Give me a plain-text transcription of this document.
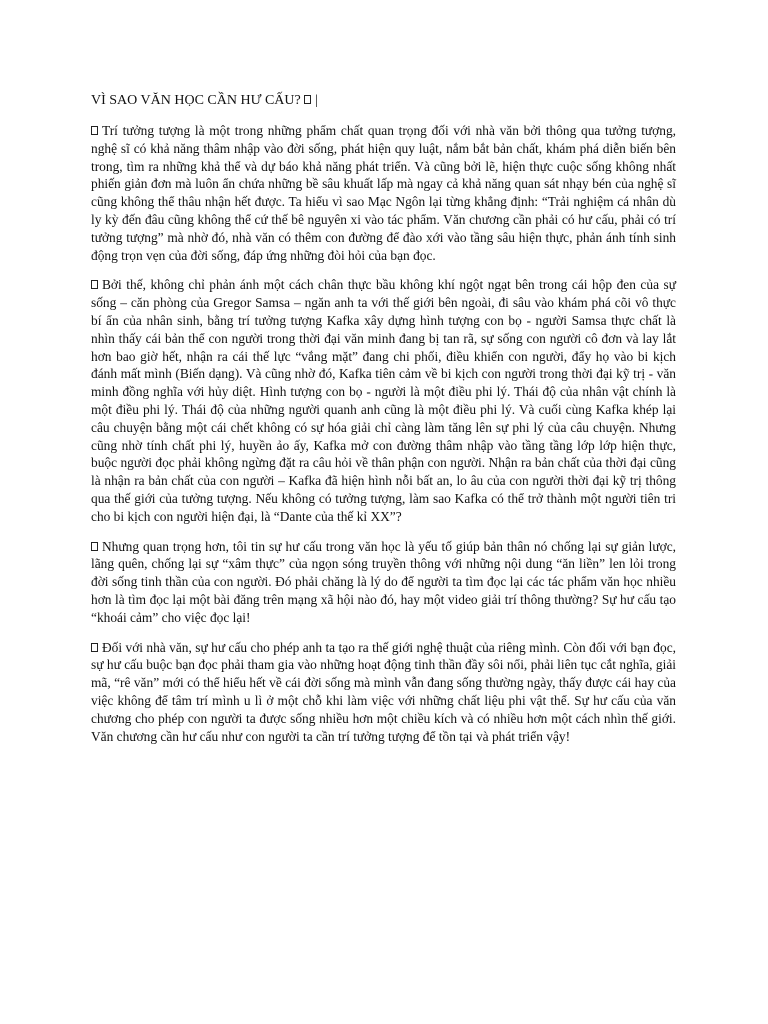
VÌ SAO VĂN HỌC CẦN HƯ CẤU? |

Trí tưởng tượng là một trong những phẩm chất quan trọng đối với nhà văn bởi thông qua tưởng tượng, nghệ sĩ có khả năng thâm nhập vào đời sống, phát hiện quy luật, nắm bắt bản chất, khám phá diễn biến bên trong, tìm ra những khả thể và dự báo khả năng phát triển. Và cũng bởi lẽ, hiện thực cuộc sống không nhất phiến giản đơn mà luôn ẩn chứa những bề sâu khuất lấp mà ngay cả khả năng quan sát nhạy bén của nghệ sĩ cũng không thể thâu nhận hết được. Ta hiểu vì sao Mạc Ngôn lại từng khẳng định: “Trải nghiệm cá nhân dù ly kỳ đến đâu cũng không thể cứ thế bê nguyên xi vào tác phẩm. Văn chương cần phải có hư cấu, phải có trí tưởng tượng” mà nhờ đó, nhà văn có thêm con đường để đào xới vào tầng sâu hiện thực, phản ánh tính sinh động trọn vẹn của đời sống, đáp ứng những đòi hỏi của bạn đọc.

Bởi thế, không chỉ phản ánh một cách chân thực bầu không khí ngột ngạt bên trong cái hộp đen của sự sống – căn phòng của Gregor Samsa – ngăn anh ta với thế giới bên ngoài, đi sâu vào khám phá cõi vô thực bí ẩn của nhân sinh, bằng trí tưởng tượng Kafka xây dựng hình tượng con bọ - người Samsa thực chất là nhìn thấy cái bản thể con người trong thời đại văn minh đang bị tan rã, sự sống con người cô đơn và lay lắt hơn bao giờ hết, nhận ra cái thế lực “vắng mặt” đang chi phối, điều khiển con người, đẩy họ vào bi kịch đánh mất mình (Biến dạng). Và cũng nhờ đó, Kafka tiên cảm về bi kịch con người trong thời đại kỹ trị - văn minh đồng nghĩa với hủy diệt. Hình tượng con bọ - người là một điều phi lý. Thái độ của nhân vật chính là một điều phi lý. Thái độ của những người quanh anh cũng là một điều phi lý. Và cuối cùng Kafka khép lại câu chuyện bằng một cái chết không có sự hóa giải chỉ càng làm tăng lên sự phi lý của câu chuyện. Nhưng cũng nhờ tính chất phi lý, huyền ảo ấy, Kafka mở con đường thâm nhập vào tầng tầng lớp lớp hiện thực, buộc người đọc phải không ngừng đặt ra câu hỏi về thân phận con người. Nhận ra bản chất của thời đại cũng là nhận ra bản chất của con người – Kafka đã hiện hình nỗi bất an, lo âu của con người thời đại kỹ trị thông qua thế giới của tưởng tượng. Nếu không có tưởng tượng, làm sao Kafka có thể trở thành một người tiên tri cho bi kịch con người hiện đại, là “Dante của thế kỉ XX”?

Nhưng quan trọng hơn, tôi tin sự hư cấu trong văn học là yếu tố giúp bản thân nó chống lại sự giản lược, lãng quên, chống lại sự “xâm thực” của ngọn sóng truyền thông với những nội dung “ăn liền” len lỏi trong đời sống tinh thần của con người. Đó phải chăng là lý do để người ta tìm đọc lại các tác phẩm văn học nhiều hơn là tìm đọc lại một bài đăng trên mạng xã hội nào đó, hay một video giải trí thông thường? Sự hư cấu tạo “khoái cảm” cho việc đọc lại!

Đối với nhà văn, sự hư cấu cho phép anh ta tạo ra thế giới nghệ thuật của riêng mình. Còn đối với bạn đọc, sự hư cấu buộc bạn đọc phải tham gia vào những hoạt động tinh thần đầy sôi nổi, phải liên tục cắt nghĩa, giải mã, “rê văn” mới có thể hiểu hết về cái đời sống mà mình vẫn đang sống thường ngày, thấy được cái hay của việc không để tâm trí mình u lì ở một chỗ khi làm việc với những chất liệu phi vật thể. Sự hư cấu của văn chương cho phép con người ta được sống nhiều hơn một chiều kích và có nhiều hơn một cách nhìn thế giới. Văn chương cần hư cấu như con người ta cần trí tưởng tượng để tồn tại và phát triển vậy!
